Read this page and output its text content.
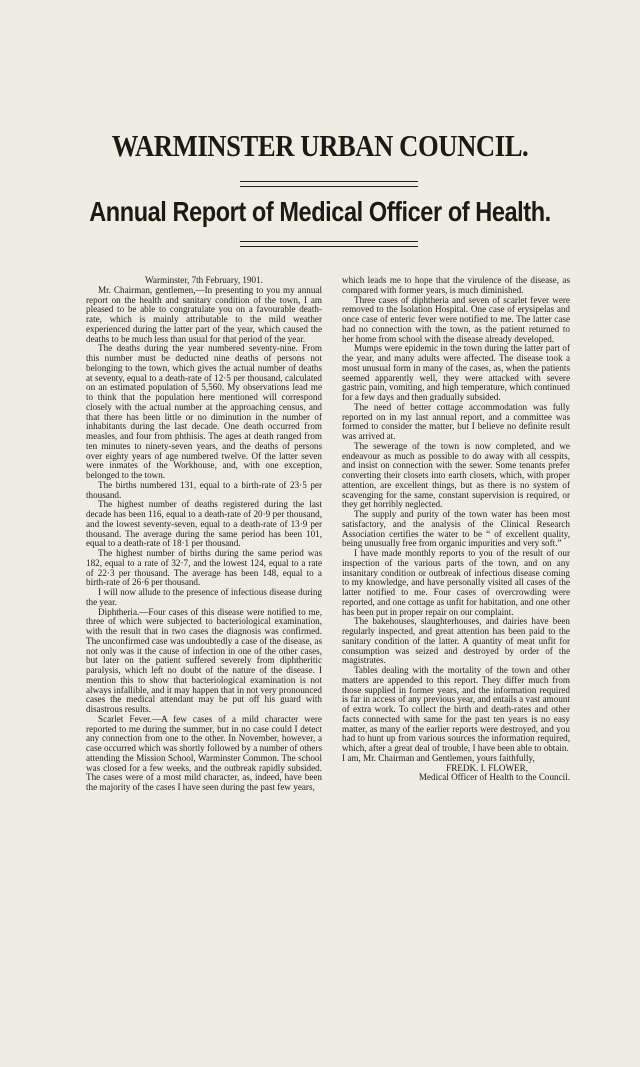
WARMINSTER URBAN COUNCIL.
Annual Report of Medical Officer of Health.

Warminster, 7th February, 1901.

Mr. Chairman, gentlemen,—In presenting to you my annual report on the health and sanitary condition of the town, I am pleased to be able to congratulate you on a favourable death-rate, which is mainly attributable to the mild weather experienced during the latter part of the year, which caused the deaths to be much less than usual for that period of the year.

The deaths during the year numbered seventy-nine. From this number must be deducted nine deaths of persons not belonging to the town, which gives the actual number of deaths at seventy, equal to a death-rate of 12·5 per thousand, calculated on an estimated population of 5,560. My observations lead me to think that the population here mentioned will correspond closely with the actual number at the approaching census, and that there has been little or no diminution in the number of inhabitants during the last decade. One death occurred from measles, and four from phthisis. The ages at death ranged from ten minutes to ninety-seven years, and the deaths of persons over eighty years of age numbered twelve. Of the latter seven were inmates of the Workhouse, and, with one exception, belonged to the town.

The births numbered 131, equal to a birth-rate of 23·5 per thousand.

The highest number of deaths registered during the last decade has been 116, equal to a death-rate of 20·9 per thousand, and the lowest seventy-seven, equal to a death-rate of 13·9 per thousand. The average during the same period has been 101, equal to a death-rate of 18·1 per thousand.

The highest number of births during the same period was 182, equal to a rate of 32·7, and the lowest 124, equal to a rate of 22·3 per thousand. The average has been 148, equal to a birth-rate of 26·6 per thousand.

I will now allude to the presence of infectious disease during the year.

Diphtheria.—Four cases of this disease were notified to me, three of which were subjected to bacteriological examination, with the result that in two cases the diagnosis was confirmed. The unconfirmed case was undoubtedly a case of the disease, as not only was it the cause of infection in one of the other cases, but later on the patient suffered severely from diphtheritic paralysis, which left no doubt of the nature of the disease. I mention this to show that bacteriological examination is not always infallible, and it may happen that in not very pronounced cases the medical attendant may be put off his guard with disastrous results.

Scarlet Fever.—A few cases of a mild character were reported to me during the summer, but in no case could I detect any connection from one to the other. In November, however, a case occurred which was shortly followed by a number of others attending the Mission School, Warminster Common. The school was closed for a few weeks, and the outbreak rapidly subsided. The cases were of a most mild character, as, indeed, have been the majority of the cases I have seen during the past few years,

which leads me to hope that the virulence of the disease, as compared with former years, is much diminished.

Three cases of diphtheria and seven of scarlet fever were removed to the Isolation Hospital. One case of erysipelas and once case of enteric fever were notified to me. The latter case had no connection with the town, as the patient returned to her home from school with the disease already developed.

Mumps were epidemic in the town during the latter part of the year, and many adults were affected. The disease took a most unusual form in many of the cases, as, when the patients seemed apparently well, they were attacked with severe gastric pain, vomiting, and high temperature, which continued for a few days and then gradually subsided.

The need of better cottage accommodation was fully reported on in my last annual report, and a committee was formed to consider the matter, but I believe no definite result was arrived at.

The sewerage of the town is now completed, and we endeavour as much as possible to do away with all cesspits, and insist on connection with the sewer. Some tenants prefer converting their closets into earth closets, which, with proper attention, are excellent things, but as there is no system of scavenging for the same, constant supervision is required, or they get horribly neglected.

The supply and purity of the town water has been most satisfactory, and the analysis of the Clinical Research Association certifies the water to be “ of excellent quality, being unusually free from organic impurities and very soft.”

I have made monthly reports to you of the result of our inspection of the various parts of the town, and on any insanitary condition or outbreak of infectious disease coming to my knowledge, and have personally visited all cases of the latter notified to me. Four cases of overcrowding were reported, and one cottage as unfit for habitation, and one other has been put in proper repair on our complaint.

The bakehouses, slaughterhouses, and dairies have been regularly inspected, and great attention has been paid to the sanitary condition of the latter. A quantity of meat unfit for consumption was seized and destroyed by order of the magistrates.

Tables dealing with the mortality of the town and other matters are appended to this report. They differ much from those supplied in former years, and the information required is far in access of any previous year, and entails a vast amount of extra work. To collect the birth and death-rates and other facts connected with same for the past ten years is no easy matter, as many of the earlier reports were destroyed, and you had to hunt up from various sources the information required, which, after a great deal of trouble, I have been able to obtain.

I am, Mr. Chairman and Gentlemen, yours faithfully,

FREDK. I. FLOWER,

Medical Officer of Health to the Council.
